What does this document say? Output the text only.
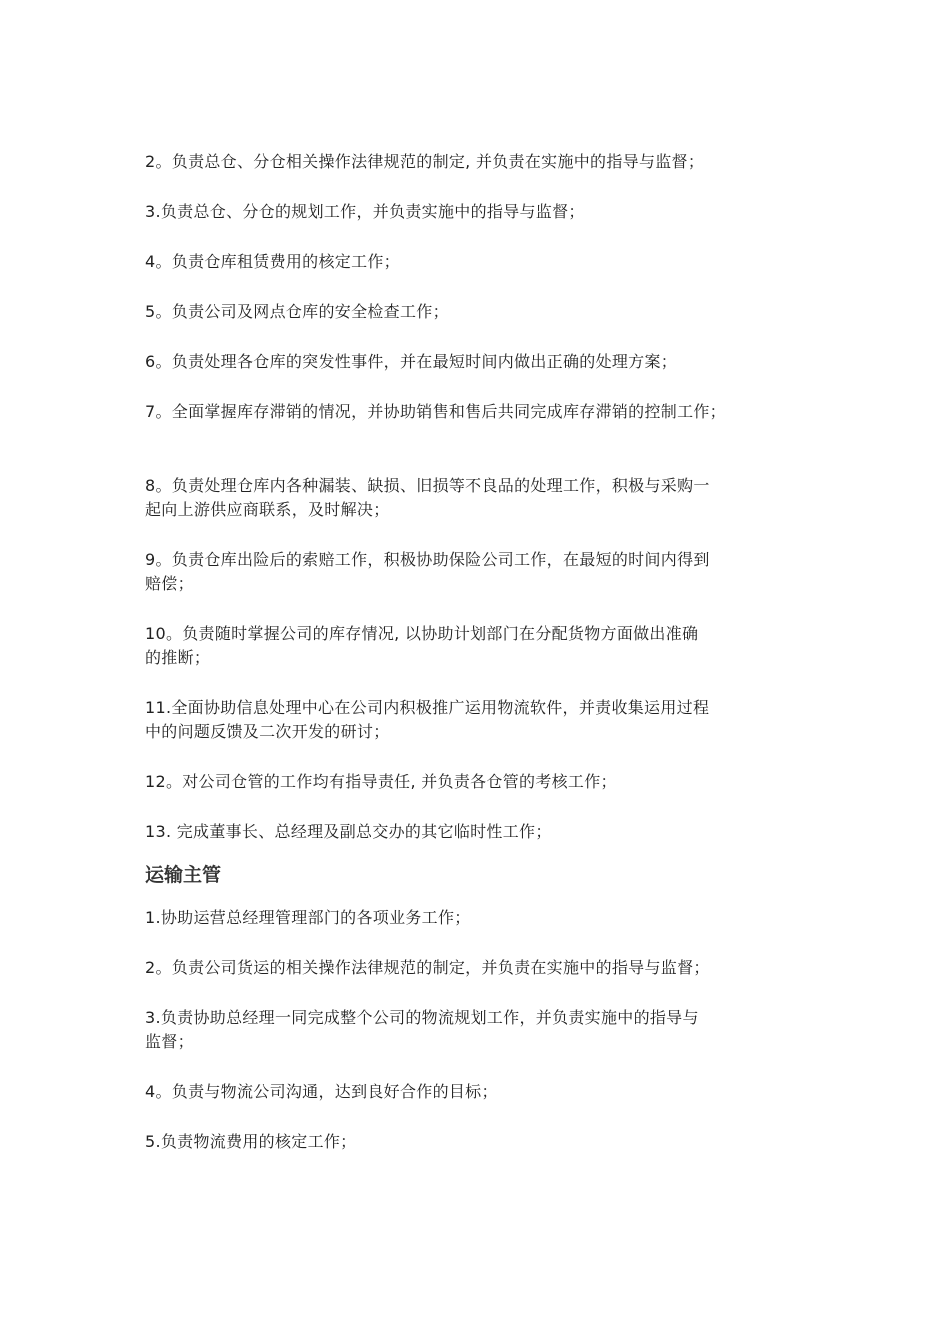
2。负责总仓、分仓相关操作法律规范的制定, 并负责在实施中的指导与监督；

3.负责总仓、分仓的规划工作，并负责实施中的指导与监督；

4。负责仓库租赁费用的核定工作；

5。负责公司及网点仓库的安全检查工作；

6。负责处理各仓库的突发性事件，并在最短时间内做出正确的处理方案；

7。全面掌握库存滞销的情况，并协助销售和售后共同完成库存滞销的控制工作；

8。负责处理仓库内各种漏装、缺损、旧损等不良品的处理工作，积极与采购一

起向上游供应商联系，及时解决；

9。负责仓库出险后的索赔工作，积极协助保险公司工作，在最短的时间内得到

赔偿；

10。负责随时掌握公司的库存情况, 以协助计划部门在分配货物方面做出准确

的推断；

11.全面协助信息处理中心在公司内积极推广运用物流软件，并责收集运用过程

中的问题反馈及二次开发的研讨；

12。对公司仓管的工作均有指导责任, 并负责各仓管的考核工作；

13. 完成董事长、总经理及副总交办的其它临时性工作；

运输主管

1.协助运营总经理管理部门的各项业务工作；

2。负责公司货运的相关操作法律规范的制定，并负责在实施中的指导与监督；

3.负责协助总经理一同完成整个公司的物流规划工作，并负责实施中的指导与

监督；

4。负责与物流公司沟通，达到良好合作的目标；

5.负责物流费用的核定工作；
